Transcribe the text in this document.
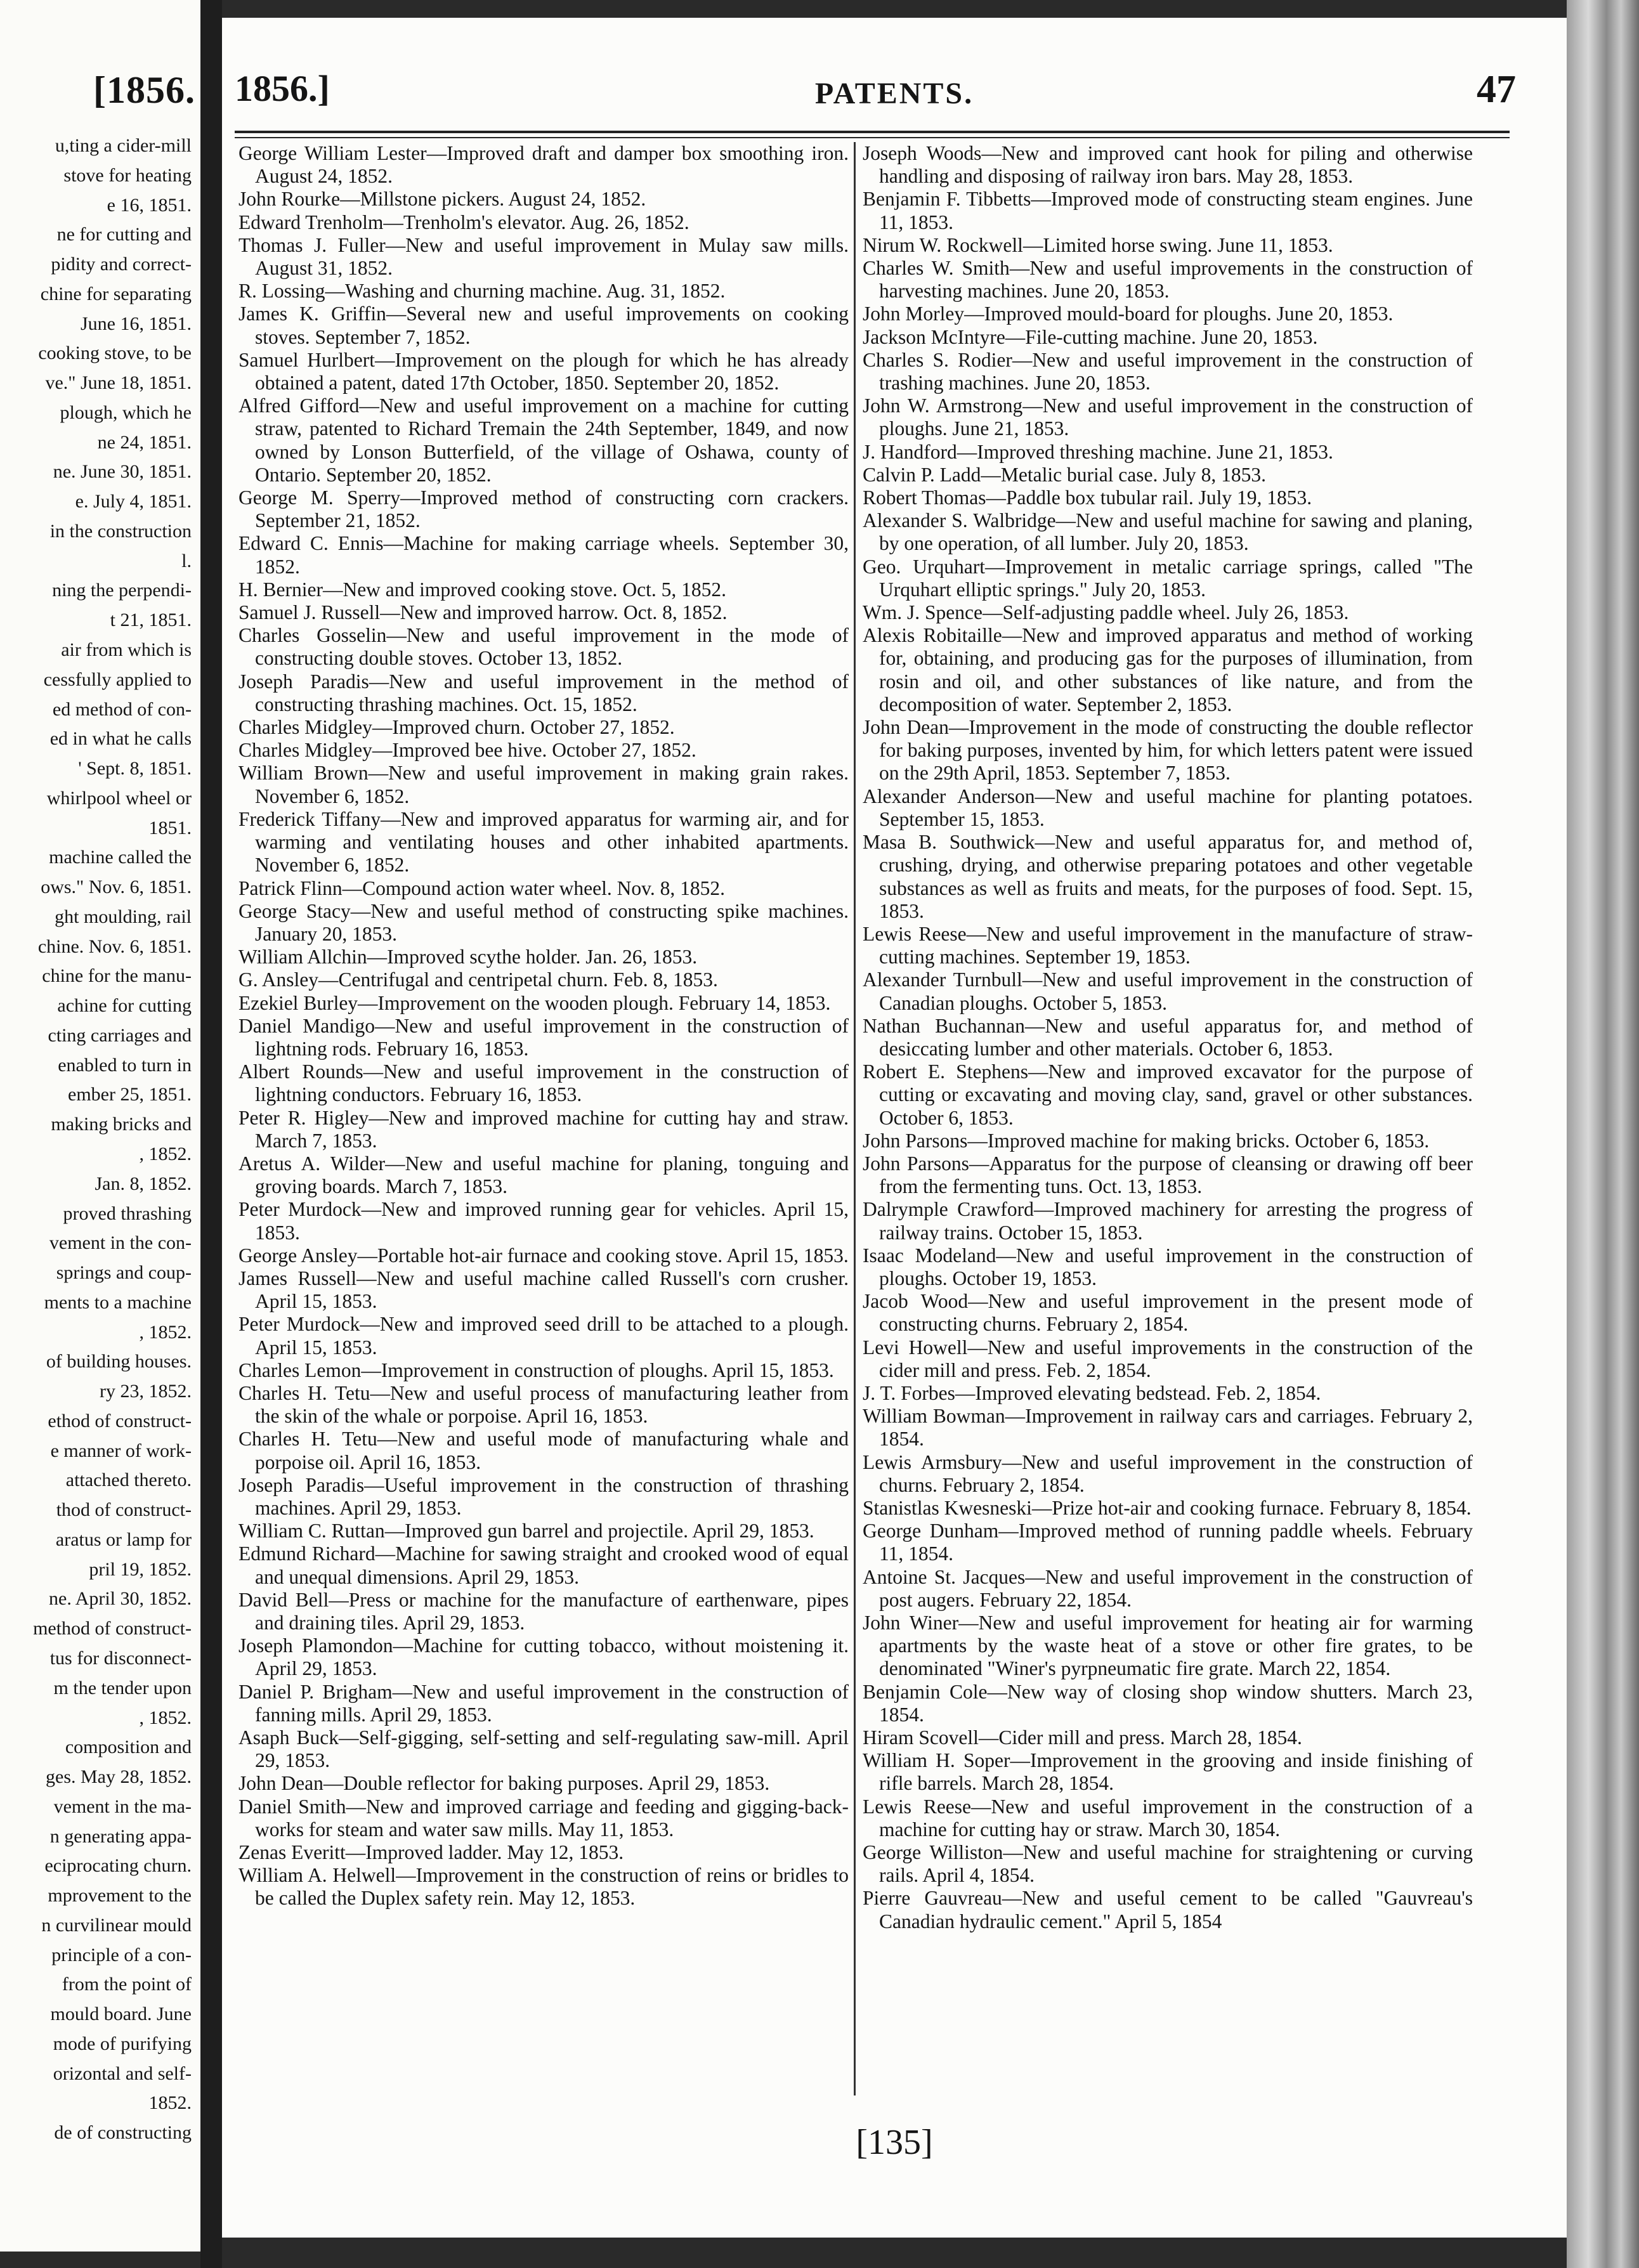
[1856.
u,ting a cider-mill
stove for heating
e 16, 1851.
ne for cutting and
pidity and correct-
chine for separating
June 16, 1851.
cooking stove, to be
ve." June 18, 1851.
plough, which he
ne 24, 1851.
ne. June 30, 1851.
e. July 4, 1851.
in the construction
l.
ning the perpendi-
t 21, 1851.
air from which is
cessfully applied to
ed method of con-
ed in what he calls
' Sept. 8, 1851.
whirlpool wheel or
1851.
machine called the
ows." Nov. 6, 1851.
ght moulding, rail
chine. Nov. 6, 1851.
chine for the manu-
achine for cutting
cting carriages and
enabled to turn in
ember 25, 1851.
making bricks and
, 1852.
Jan. 8, 1852.
proved thrashing
vement in the con-
springs and coup-
ments to a machine
, 1852.
of building houses.
ry 23, 1852.
ethod of construct-
e manner of work-
attached thereto.
thod of construct-
aratus or lamp for
pril 19, 1852.
ne. April 30, 1852.
method of construct-
tus for disconnect-
m the tender upon
, 1852.
composition and
ges. May 28, 1852.
vement in the ma-
n generating appa-
eciprocating churn.
mprovement to the
n curvilinear mould
principle of a con-
from the point of
mould board. June
mode of purifying
orizontal and self-
1852.
de of constructing
1856.]	PATENTS.	47

George William Lester—Improved draft and damper box smoothing iron. August 24, 1852.

John Rourke—Millstone pickers. August 24, 1852.

Edward Trenholm—Trenholm's elevator. Aug. 26, 1852.

Thomas J. Fuller—New and useful improvement in Mulay saw mills. August 31, 1852.

R. Lossing—Washing and churning machine. Aug. 31, 1852.

James K. Griffin—Several new and useful improvements on cooking stoves. September 7, 1852.

Samuel Hurlbert—Improvement on the plough for which he has already obtained a patent, dated 17th October, 1850. September 20, 1852.

Alfred Gifford—New and useful improvement on a machine for cutting straw, patented to Richard Tremain the 24th September, 1849, and now owned by Lonson Butterfield, of the village of Oshawa, county of Ontario. September 20, 1852.

George M. Sperry—Improved method of constructing corn crackers. September 21, 1852.

Edward C. Ennis—Machine for making carriage wheels. September 30, 1852.

H. Bernier—New and improved cooking stove. Oct. 5, 1852.

Samuel J. Russell—New and improved harrow. Oct. 8, 1852.

Charles Gosselin—New and useful improvement in the mode of constructing double stoves. October 13, 1852.

Joseph Paradis—New and useful improvement in the method of constructing thrashing machines. Oct. 15, 1852.

Charles Midgley—Improved churn. October 27, 1852.

Charles Midgley—Improved bee hive. October 27, 1852.

William Brown—New and useful improvement in making grain rakes. November 6, 1852.

Frederick Tiffany—New and improved apparatus for warming air, and for warming and ventilating houses and other inhabited apartments. November 6, 1852.

Patrick Flinn—Compound action water wheel. Nov. 8, 1852.

George Stacy—New and useful method of constructing spike machines. January 20, 1853.

William Allchin—Improved scythe holder. Jan. 26, 1853.

G. Ansley—Centrifugal and centripetal churn. Feb. 8, 1853.

Ezekiel Burley—Improvement on the wooden plough. February 14, 1853.

Daniel Mandigo—New and useful improvement in the construction of lightning rods. February 16, 1853.

Albert Rounds—New and useful improvement in the construction of lightning conductors. February 16, 1853.

Peter R. Higley—New and improved machine for cutting hay and straw. March 7, 1853.

Aretus A. Wilder—New and useful machine for planing, tonguing and groving boards. March 7, 1853.

Peter Murdock—New and improved running gear for vehicles. April 15, 1853.

George Ansley—Portable hot-air furnace and cooking stove. April 15, 1853.

James Russell—New and useful machine called Russell's corn crusher. April 15, 1853.

Peter Murdock—New and improved seed drill to be attached to a plough. April 15, 1853.

Charles Lemon—Improvement in construction of ploughs. April 15, 1853.

Charles H. Tetu—New and useful process of manufacturing leather from the skin of the whale or porpoise. April 16, 1853.

Charles H. Tetu—New and useful mode of manufacturing whale and porpoise oil. April 16, 1853.

Joseph Paradis—Useful improvement in the construction of thrashing machines. April 29, 1853.

William C. Ruttan—Improved gun barrel and projectile. April 29, 1853.

Edmund Richard—Machine for sawing straight and crooked wood of equal and unequal dimensions. April 29, 1853.

David Bell—Press or machine for the manufacture of earthenware, pipes and draining tiles. April 29, 1853.

Joseph Plamondon—Machine for cutting tobacco, without moistening it. April 29, 1853.

Daniel P. Brigham—New and useful improvement in the construction of fanning mills. April 29, 1853.

Asaph Buck—Self-gigging, self-setting and self-regulating saw-mill. April 29, 1853.

John Dean—Double reflector for baking purposes. April 29, 1853.

Daniel Smith—New and improved carriage and feeding and gigging-back-works for steam and water saw mills. May 11, 1853.

Zenas Everitt—Improved ladder. May 12, 1853.

William A. Helwell—Improvement in the construction of reins or bridles to be called the Duplex safety rein. May 12, 1853.

Joseph Woods—New and improved cant hook for piling and otherwise handling and disposing of railway iron bars. May 28, 1853.

Benjamin F. Tibbetts—Improved mode of constructing steam engines. June 11, 1853.

Nirum W. Rockwell—Limited horse swing. June 11, 1853.

Charles W. Smith—New and useful improvements in the construction of harvesting machines. June 20, 1853.

John Morley—Improved mould-board for ploughs. June 20, 1853.

Jackson McIntyre—File-cutting machine. June 20, 1853.

Charles S. Rodier—New and useful improvement in the construction of trashing machines. June 20, 1853.

John W. Armstrong—New and useful improvement in the construction of ploughs. June 21, 1853.

J. Handford—Improved threshing machine. June 21, 1853.

Calvin P. Ladd—Metalic burial case. July 8, 1853.

Robert Thomas—Paddle box tubular rail. July 19, 1853.

Alexander S. Walbridge—New and useful machine for sawing and planing, by one operation, of all lumber. July 20, 1853.

Geo. Urquhart—Improvement in metalic carriage springs, called "The Urquhart elliptic springs." July 20, 1853.

Wm. J. Spence—Self-adjusting paddle wheel. July 26, 1853.

Alexis Robitaille—New and improved apparatus and method of working for, obtaining, and producing gas for the purposes of illumination, from rosin and oil, and other substances of like nature, and from the decomposition of water. September 2, 1853.

John Dean—Improvement in the mode of constructing the double reflector for baking purposes, invented by him, for which letters patent were issued on the 29th April, 1853. September 7, 1853.

Alexander Anderson—New and useful machine for planting potatoes. September 15, 1853.

Masa B. Southwick—New and useful apparatus for, and method of, crushing, drying, and otherwise preparing potatoes and other vegetable substances as well as fruits and meats, for the purposes of food. Sept. 15, 1853.

Lewis Reese—New and useful improvement in the manufacture of straw-cutting machines. September 19, 1853.

Alexander Turnbull—New and useful improvement in the construction of Canadian ploughs. October 5, 1853.

Nathan Buchannan—New and useful apparatus for, and method of desiccating lumber and other materials. October 6, 1853.

Robert E. Stephens—New and improved excavator for the purpose of cutting or excavating and moving clay, sand, gravel or other substances. October 6, 1853.

John Parsons—Improved machine for making bricks. October 6, 1853.

John Parsons—Apparatus for the purpose of cleansing or drawing off beer from the fermenting tuns. Oct. 13, 1853.

Dalrymple Crawford—Improved machinery for arresting the progress of railway trains. October 15, 1853.

Isaac Modeland—New and useful improvement in the construction of ploughs. October 19, 1853.

Jacob Wood—New and useful improvement in the present mode of constructing churns. February 2, 1854.

Levi Howell—New and useful improvements in the construction of the cider mill and press. Feb. 2, 1854.

J. T. Forbes—Improved elevating bedstead. Feb. 2, 1854.

William Bowman—Improvement in railway cars and carriages. February 2, 1854.

Lewis Armsbury—New and useful improvement in the construction of churns. February 2, 1854.

Stanistlas Kwesneski—Prize hot-air and cooking furnace. February 8, 1854.

George Dunham—Improved method of running paddle wheels. February 11, 1854.

Antoine St. Jacques—New and useful improvement in the construction of post augers. February 22, 1854.

John Winer—New and useful improvement for heating air for warming apartments by the waste heat of a stove or other fire grates, to be denominated "Winer's pyrpneumatic fire grate. March 22, 1854.

Benjamin Cole—New way of closing shop window shutters. March 23, 1854.

Hiram Scovell—Cider mill and press. March 28, 1854.

William H. Soper—Improvement in the grooving and inside finishing of rifle barrels. March 28, 1854.

Lewis Reese—New and useful improvement in the construction of a machine for cutting hay or straw. March 30, 1854.

George Williston—New and useful machine for straightening or curving rails. April 4, 1854.

Pierre Gauvreau—New and useful cement to be called "Gauvreau's Canadian hydraulic cement." April 5, 1854

[135]
